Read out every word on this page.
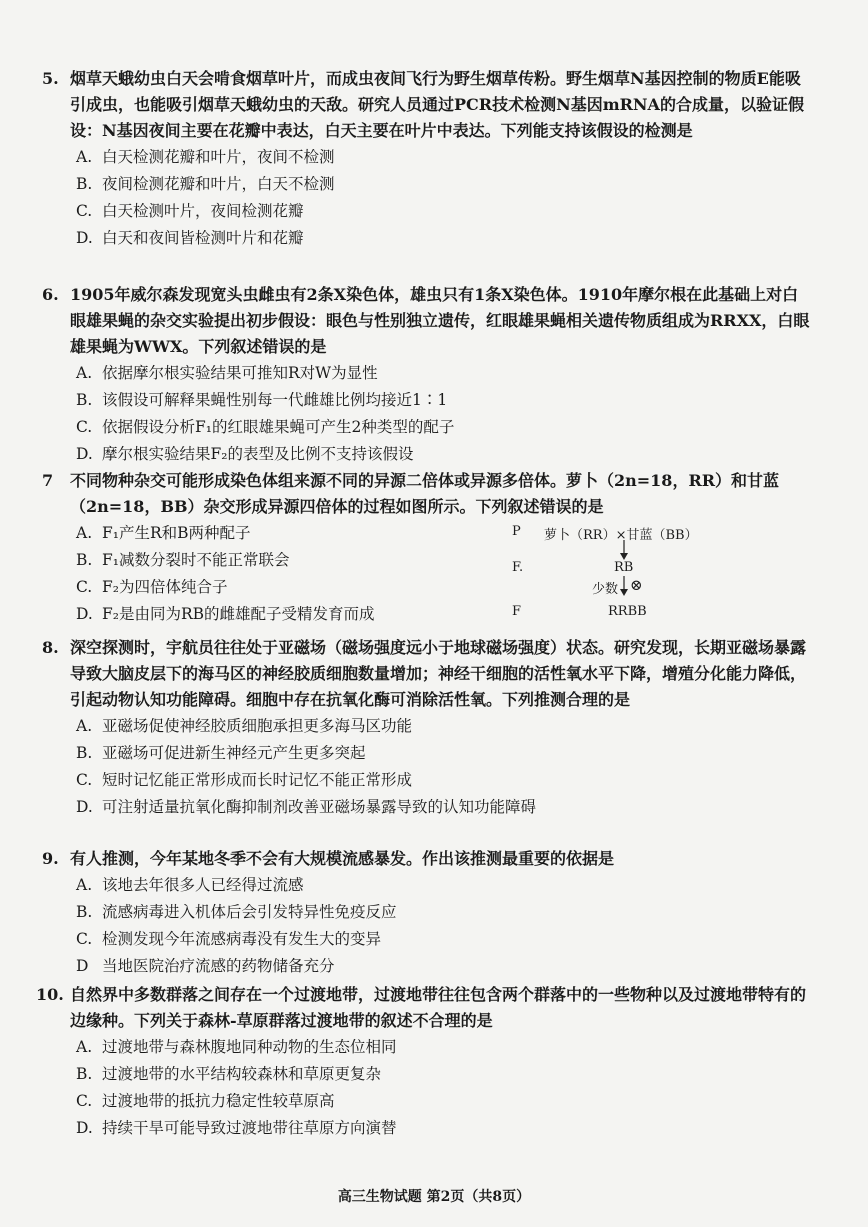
5. 烟草天蛾幼虫白天会啃食烟草叶片，而成虫夜间飞行为野生烟草传粉。野生烟草N基因控制的物质E能吸引成虫，也能吸引烟草天蛾幼虫的天敌。研究人员通过PCR技术检测N基因mRNA的合成量，以验证假设：N基因夜间主要在花瓣中表达，白天主要在叶片中表达。下列能支持该假设的检测是
A. 白天检测花瓣和叶片，夜间不检测
B. 夜间检测花瓣和叶片，白天不检测
C. 白天检测叶片，夜间检测花瓣
D. 白天和夜间皆检测叶片和花瓣
6. 1905年威尔森发现宽头虫雌虫有2条X染色体，雄虫只有1条X染色体。1910年摩尔根在此基础上对白眼雄果蝇的杂交实验提出初步假设：眼色与性别独立遗传，红眼雄果蝇相关遗传物质组成为RRXX，白眼雄果蝇为WWX。下列叙述错误的是
A. 依据摩尔根实验结果可推知R对W为显性
B. 该假设可解释果蝇性别每一代雌雄比例均接近1∶1
C. 依据假设分析F₁的红眼雄果蝇可产生2种类型的配子
D. 摩尔根实验结果F₂的表型及比例不支持该假设
7 不同物种杂交可能形成染色体组来源不同的异源二倍体或异源多倍体。萝卜（2n=18，RR）和甘蓝（2n=18，BB）杂交形成异源四倍体的过程如图所示。下列叙述错误的是
A. F₁产生R和B两种配子
B. F₁减数分裂时不能正常联会
C. F₂为四倍体纯合子
D. F₂是由同为RB的雌雄配子受精发育而成
P 萝卜（RR）×甘蓝（BB）
F.	RB
少数 ⊗
F	RRBB
8. 深空探测时，宇航员往往处于亚磁场（磁场强度远小于地球磁场强度）状态。研究发现，长期亚磁场暴露导致大脑皮层下的海马区的神经胶质细胞数量增加；神经干细胞的活性氧水平下降，增殖分化能力降低，引起动物认知功能障碍。细胞中存在抗氧化酶可消除活性氧。下列推测合理的是
A. 亚磁场促使神经胶质细胞承担更多海马区功能
B. 亚磁场可促进新生神经元产生更多突起
C. 短时记忆能正常形成而长时记忆不能正常形成
D. 可注射适量抗氧化酶抑制剂改善亚磁场暴露导致的认知功能障碍
9. 有人推测，今年某地冬季不会有大规模流感暴发。作出该推测最重要的依据是
A. 该地去年很多人已经得过流感
B. 流感病毒进入机体后会引发特异性免疫反应
C. 检测发现今年流感病毒没有发生大的变异
D 当地医院治疗流感的药物储备充分
10. 自然界中多数群落之间存在一个过渡地带，过渡地带往往包含两个群落中的一些物种以及过渡地带特有的边缘种。下列关于森林-草原群落过渡地带的叙述不合理的是
A. 过渡地带与森林腹地同种动物的生态位相同
B. 过渡地带的水平结构较森林和草原更复杂
C. 过渡地带的抵抗力稳定性较草原高
D. 持续干旱可能导致过渡地带往草原方向演替
高三生物试题 第2页（共8页）
